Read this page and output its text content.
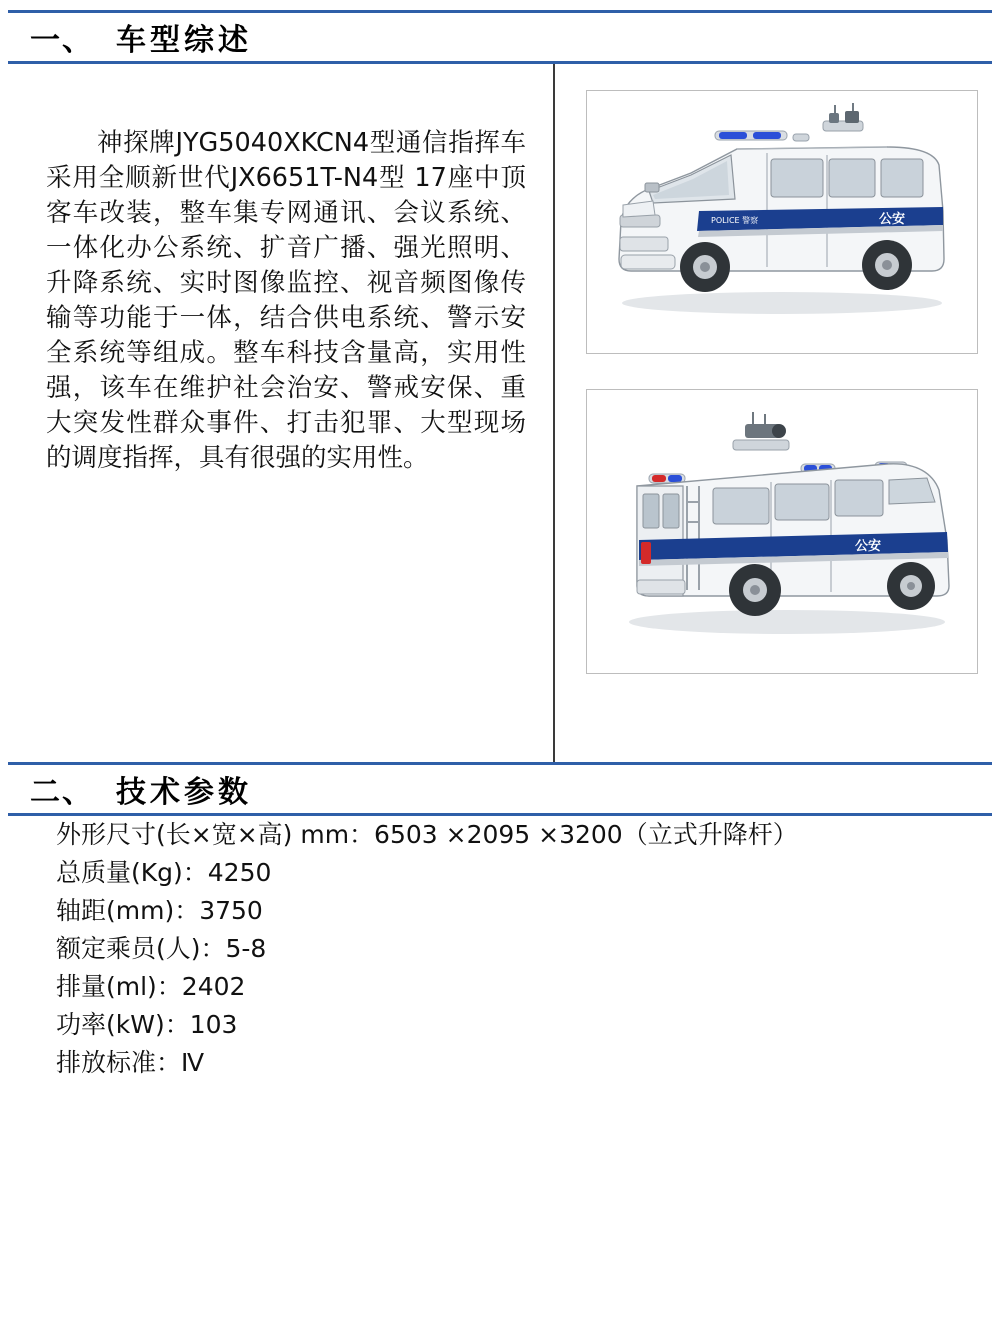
一、 车型综述

神探牌JYG5040XKCN4型通信指挥车采用全顺新世代JX6651T-N4型 17座中顶客车改装，整车集专网通讯、会议系统、一体化办公系统、扩音广播、强光照明、升降系统、实时图像监控、视音频图像传输等功能于一体，结合供电系统、警示安全系统等组成。整车科技含量高，实用性强，该车在维护社会治安、警戒安保、重大突发性群众事件、打击犯罪、大型现场的调度指挥，具有很强的实用性。

公安
POLICE 警察
公安
二、 技术参数
外形尺寸(长×宽×高) mm：6503 ×2095 ×3200（立式升降杆）
总质量(Kg)：4250
轴距(mm)：3750
额定乘员(人)：5-8
排量(ml)：2402
功率(kW)：103
排放标准：Ⅳ
